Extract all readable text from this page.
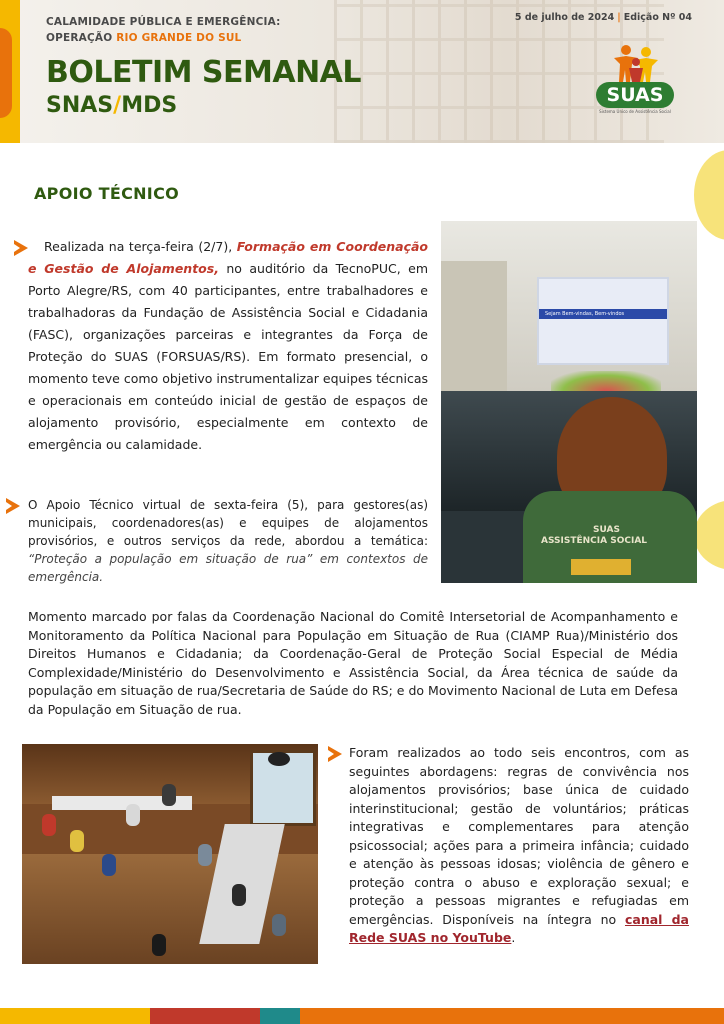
CALAMIDADE PÚBLICA E EMERGÊNCIA:
OPERAÇÃO RIO GRANDE DO SUL
BOLETIM SEMANAL
SNAS/MDS
5 de julho de 2024 | Edição Nº 04
SUAS
Sistema Único de Assistência Social
APOIO TÉCNICO
Realizada na terça-feira (2/7), Formação em Coordenação e Gestão de Alojamentos, no auditório da TecnoPUC, em Porto Alegre/RS, com 40 participantes, entre trabalhadores e trabalhadoras da Fundação de Assistência Social e Cidadania (FASC), organizações parceiras e integrantes da Força de Proteção do SUAS (FORSUAS/RS). Em formato presencial, o momento teve como objetivo instrumentalizar equipes técnicas e operacionais em conteúdo inicial de gestão de espaços de alojamento provisório, especialmente em contexto de emergência ou calamidade.
Sejam Bem-vindas, Bem-vindos
SUAS
ASSISTÊNCIA SOCIAL
O Apoio Técnico virtual de sexta-feira (5), para gestores(as) municipais, coordenadores(as) e equipes de alojamentos provisórios, e outros serviços da rede, abordou a temática: “Proteção a população em situação de rua” em contextos de emergência.
Momento marcado por falas da Coordenação Nacional do Comitê Intersetorial de Acompanhamento e Monitoramento da Política Nacional para População em Situação de Rua (CIAMP Rua)/Ministério dos Direitos Humanos e Cidadania; da Coordenação-Geral de Proteção Social Especial de Média Complexidade/Ministério do Desenvolvimento e Assistência Social, da Área técnica de saúde da população em situação de rua/Secretaria de Saúde do RS; e do Movimento Nacional de Luta em Defesa da População em Situação de rua.
Foram realizados ao todo seis encontros, com as seguintes abordagens: regras de convivência nos alojamentos provisórios; base única de cuidado interinstitucional; gestão de voluntários; práticas integrativas e complementares para atenção psicossocial; ações para a primeira infância; cuidado e atenção às pessoas idosas; violência de gênero e proteção contra o abuso e exploração sexual; e proteção a pessoas migrantes e refugiadas em emergências. Disponíveis na íntegra no canal da Rede SUAS no YouTube.
